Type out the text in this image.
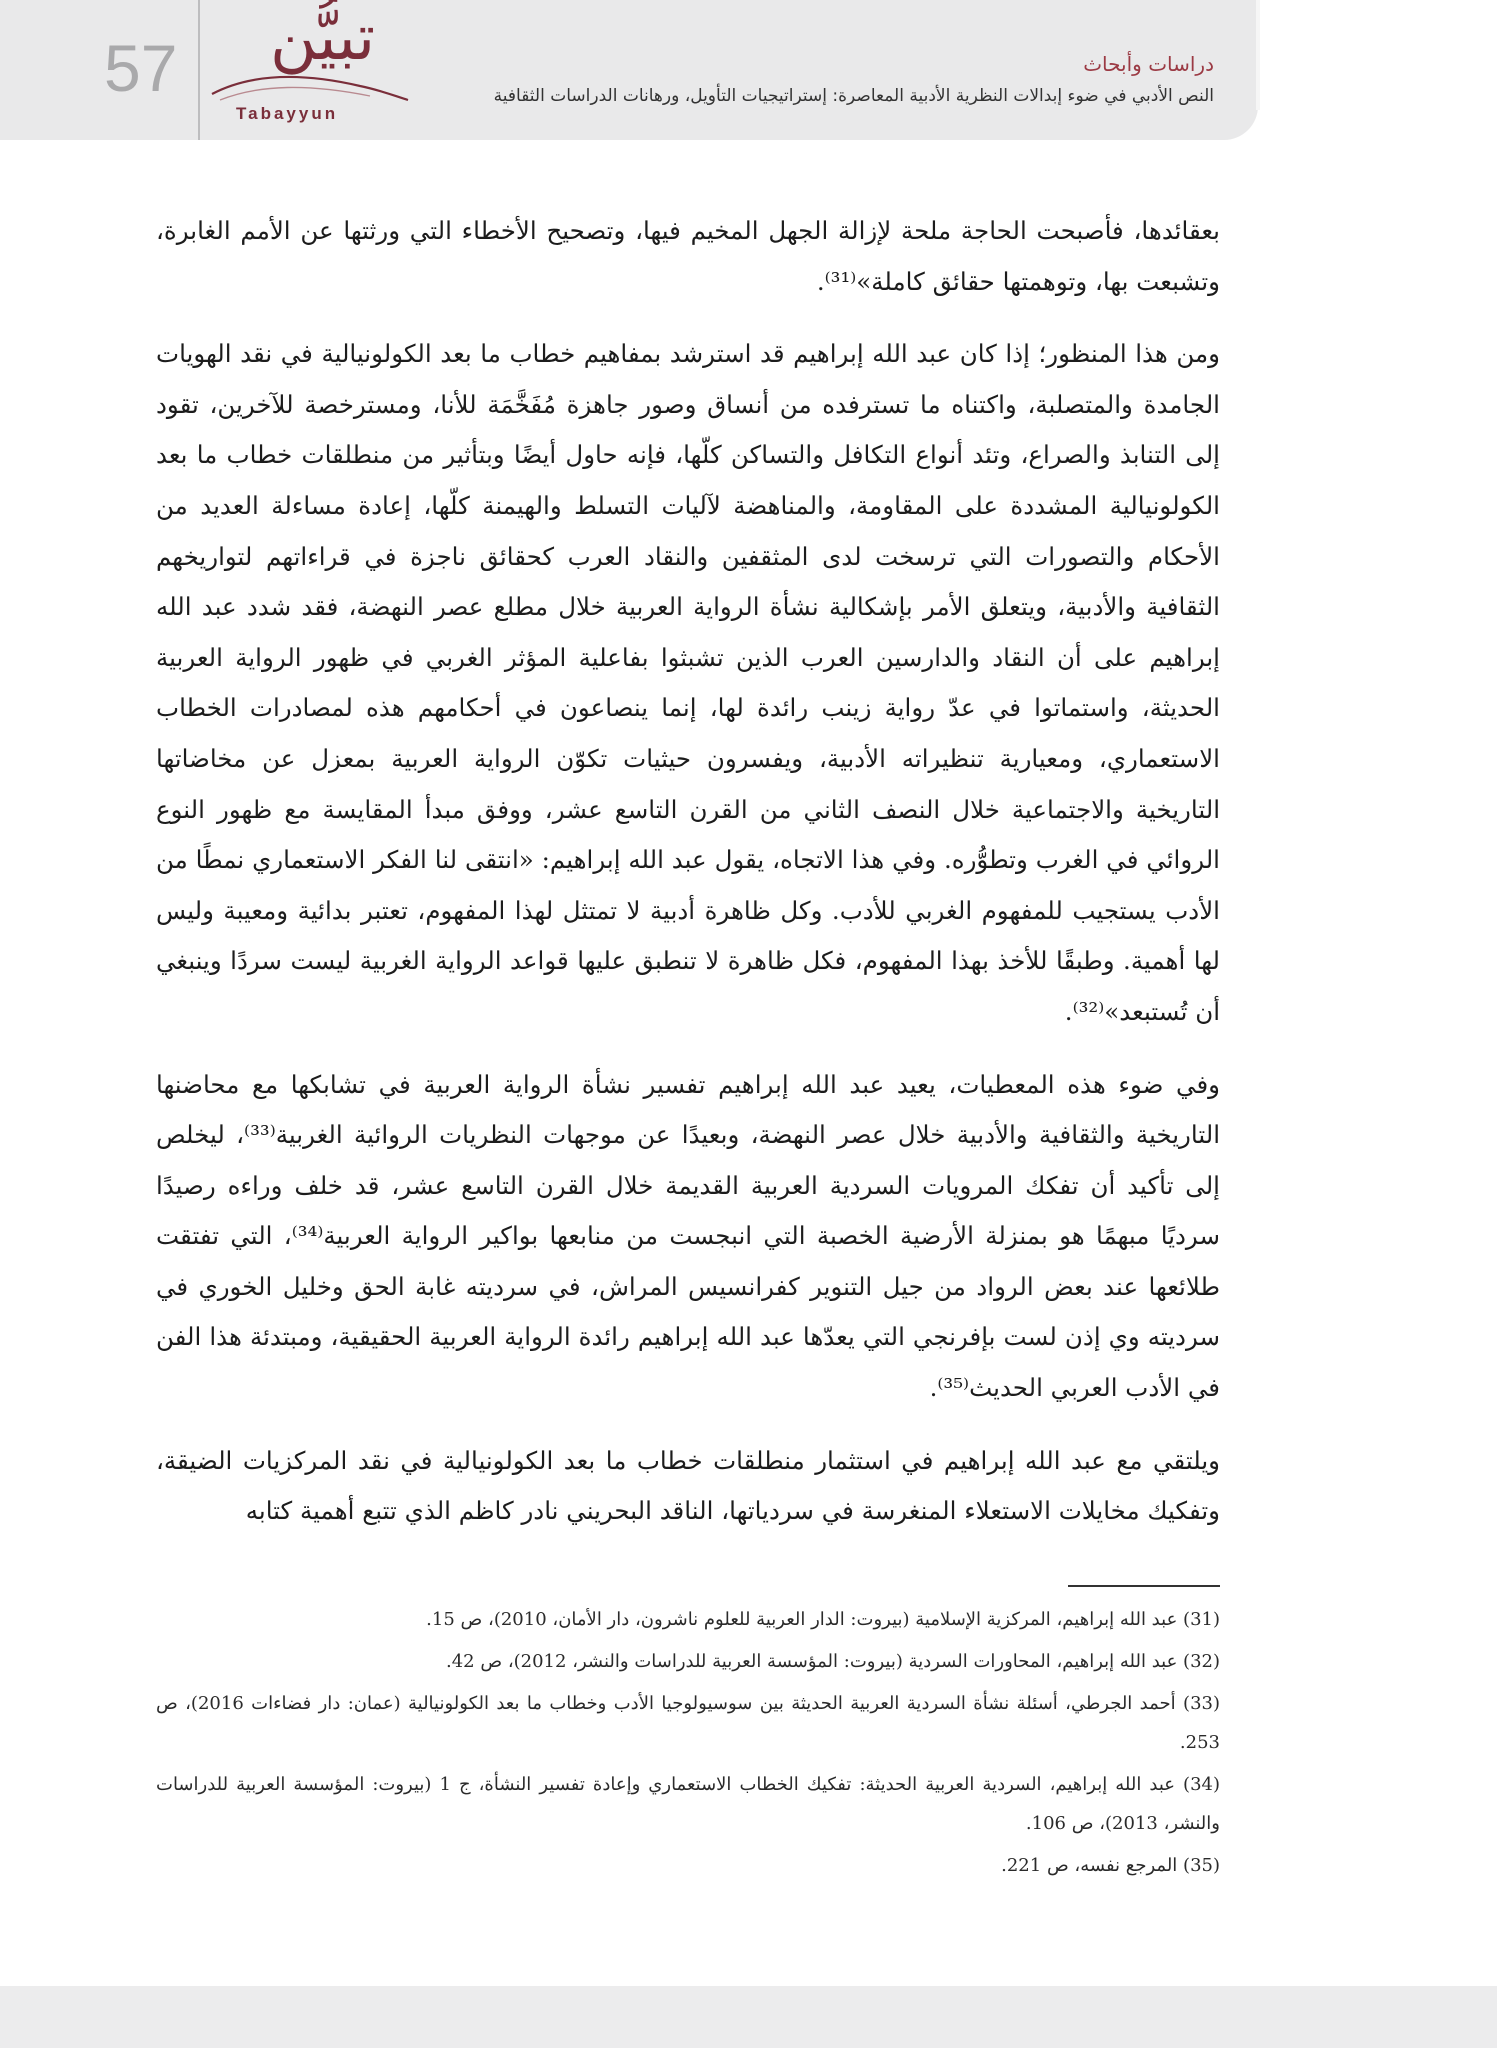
57	تبيُّن
Tabayyun
دراسات وأبحاث
النص الأدبي في ضوء إبدالات النظرية الأدبية المعاصرة: إستراتيجيات التأويل، ورهانات الدراسات الثقافية

بعقائدها، فأصبحت الحاجة ملحة لإزالة الجهل المخيم فيها، وتصحيح الأخطاء التي ورثتها عن الأمم الغابرة، وتشبعت بها، وتوهمتها حقائق كاملة»⁽³¹⁾.

ومن هذا المنظور؛ إذا كان عبد الله إبراهيم قد استرشد بمفاهيم خطاب ما بعد الكولونيالية في نقد الهويات الجامدة والمتصلبة، واكتناه ما تسترفده من أنساق وصور جاهزة مُفَخَّمَة للأنا، ومسترخصة للآخرين، تقود إلى التنابذ والصراع، وتئد أنواع التكافل والتساكن كلّها، فإنه حاول أيضًا وبتأثير من منطلقات خطاب ما بعد الكولونيالية المشددة على المقاومة، والمناهضة لآليات التسلط والهيمنة كلّها، إعادة مساءلة العديد من الأحكام والتصورات التي ترسخت لدى المثقفين والنقاد العرب كحقائق ناجزة في قراءاتهم لتواريخهم الثقافية والأدبية، ويتعلق الأمر بإشكالية نشأة الرواية العربية خلال مطلع عصر النهضة، فقد شدد عبد الله إبراهيم على أن النقاد والدارسين العرب الذين تشبثوا بفاعلية المؤثر الغربي في ظهور الرواية العربية الحديثة، واستماتوا في عدّ رواية زينب رائدة لها، إنما ينصاعون في أحكامهم هذه لمصادرات الخطاب الاستعماري، ومعيارية تنظيراته الأدبية، ويفسرون حيثيات تكوّن الرواية العربية بمعزل عن مخاضاتها التاريخية والاجتماعية خلال النصف الثاني من القرن التاسع عشر، ووفق مبدأ المقايسة مع ظهور النوع الروائي في الغرب وتطوُّره. وفي هذا الاتجاه، يقول عبد الله إبراهيم: «انتقى لنا الفكر الاستعماري نمطًا من الأدب يستجيب للمفهوم الغربي للأدب. وكل ظاهرة أدبية لا تمتثل لهذا المفهوم، تعتبر بدائية ومعيبة وليس لها أهمية. وطبقًا للأخذ بهذا المفهوم، فكل ظاهرة لا تنطبق عليها قواعد الرواية الغربية ليست سردًا وينبغي أن تُستبعد»⁽³²⁾.

وفي ضوء هذه المعطيات، يعيد عبد الله إبراهيم تفسير نشأة الرواية العربية في تشابكها مع محاضنها التاريخية والثقافية والأدبية خلال عصر النهضة، وبعيدًا عن موجهات النظريات الروائية الغربية⁽³³⁾، ليخلص إلى تأكيد أن تفكك المرويات السردية العربية القديمة خلال القرن التاسع عشر، قد خلف وراءه رصيدًا سرديًا مبهمًا هو بمنزلة الأرضية الخصبة التي انبجست من منابعها بواكير الرواية العربية⁽³⁴⁾، التي تفتقت طلائعها عند بعض الرواد من جيل التنوير كفرانسيس المراش، في سرديته غابة الحق وخليل الخوري في سرديته وي إذن لست بإفرنجي التي يعدّها عبد الله إبراهيم رائدة الرواية العربية الحقيقية، ومبتدئة هذا الفن في الأدب العربي الحديث⁽³⁵⁾.

ويلتقي مع عبد الله إبراهيم في استثمار منطلقات خطاب ما بعد الكولونيالية في نقد المركزيات الضيقة، وتفكيك مخايلات الاستعلاء المنغرسة في سردياتها، الناقد البحريني نادر كاظم الذي تتبع أهمية كتابه

(31) عبد الله إبراهيم، المركزية الإسلامية (بيروت: الدار العربية للعلوم ناشرون، دار الأمان، 2010)، ص 15.
(32) عبد الله إبراهيم، المحاورات السردية (بيروت: المؤسسة العربية للدراسات والنشر، 2012)، ص 42.
(33) أحمد الجرطي، أسئلة نشأة السردية العربية الحديثة بين سوسيولوجيا الأدب وخطاب ما بعد الكولونيالية (عمان: دار فضاءات 2016)، ص 253.
(34) عبد الله إبراهيم، السردية العربية الحديثة: تفكيك الخطاب الاستعماري وإعادة تفسير النشأة، ج 1 (بيروت: المؤسسة العربية للدراسات والنشر، 2013)، ص 106.
(35) المرجع نفسه، ص 221.
